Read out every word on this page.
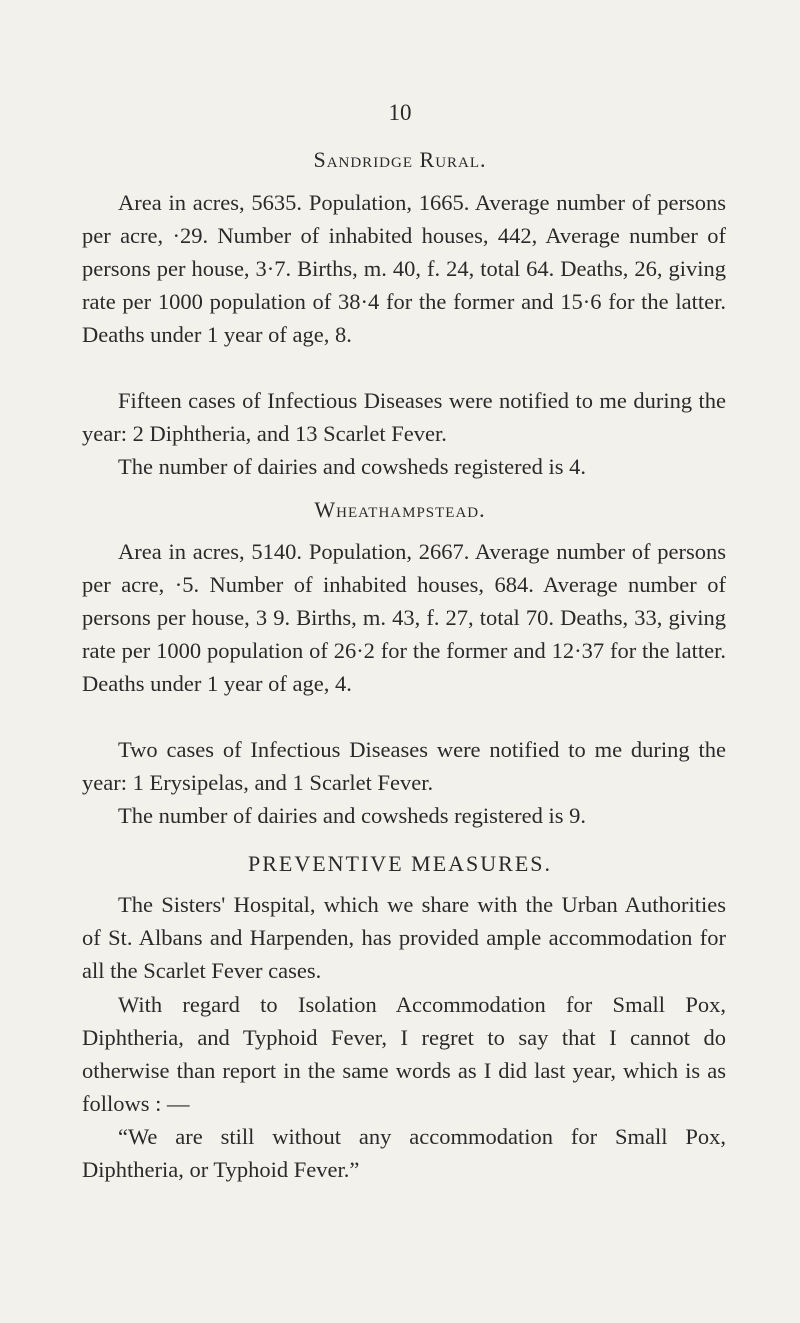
10
Sandridge Rural.

Area in acres, 5635. Population, 1665. Average number of persons per acre, ·29. Number of inhabited houses, 442, Average number of persons per house, 3·7. Births, m. 40, f. 24, total 64. Deaths, 26, giving rate per 1000 population of 38·4 for the former and 15·6 for the latter. Deaths under 1 year of age, 8.

Fifteen cases of Infectious Diseases were notified to me during the year: 2 Diphtheria, and 13 Scarlet Fever.

The number of dairies and cowsheds registered is 4.

Wheathampstead.

Area in acres, 5140. Population, 2667. Average number of persons per acre, ·5. Number of inhabited houses, 684. Average number of persons per house, 3 9. Births, m. 43, f. 27, total 70. Deaths, 33, giving rate per 1000 population of 26·2 for the former and 12·37 for the latter. Deaths under 1 year of age, 4.

Two cases of Infectious Diseases were notified to me during the year: 1 Erysipelas, and 1 Scarlet Fever.

The number of dairies and cowsheds registered is 9.

PREVENTIVE MEASURES.

The Sisters' Hospital, which we share with the Urban Authorities of St. Albans and Harpenden, has provided ample accommodation for all the Scarlet Fever cases.

With regard to Isolation Accommodation for Small Pox, Diphtheria, and Typhoid Fever, I regret to say that I cannot do otherwise than report in the same words as I did last year, which is as follows : —

“We are still without any accommodation for Small Pox, Diphtheria, or Typhoid Fever.”
